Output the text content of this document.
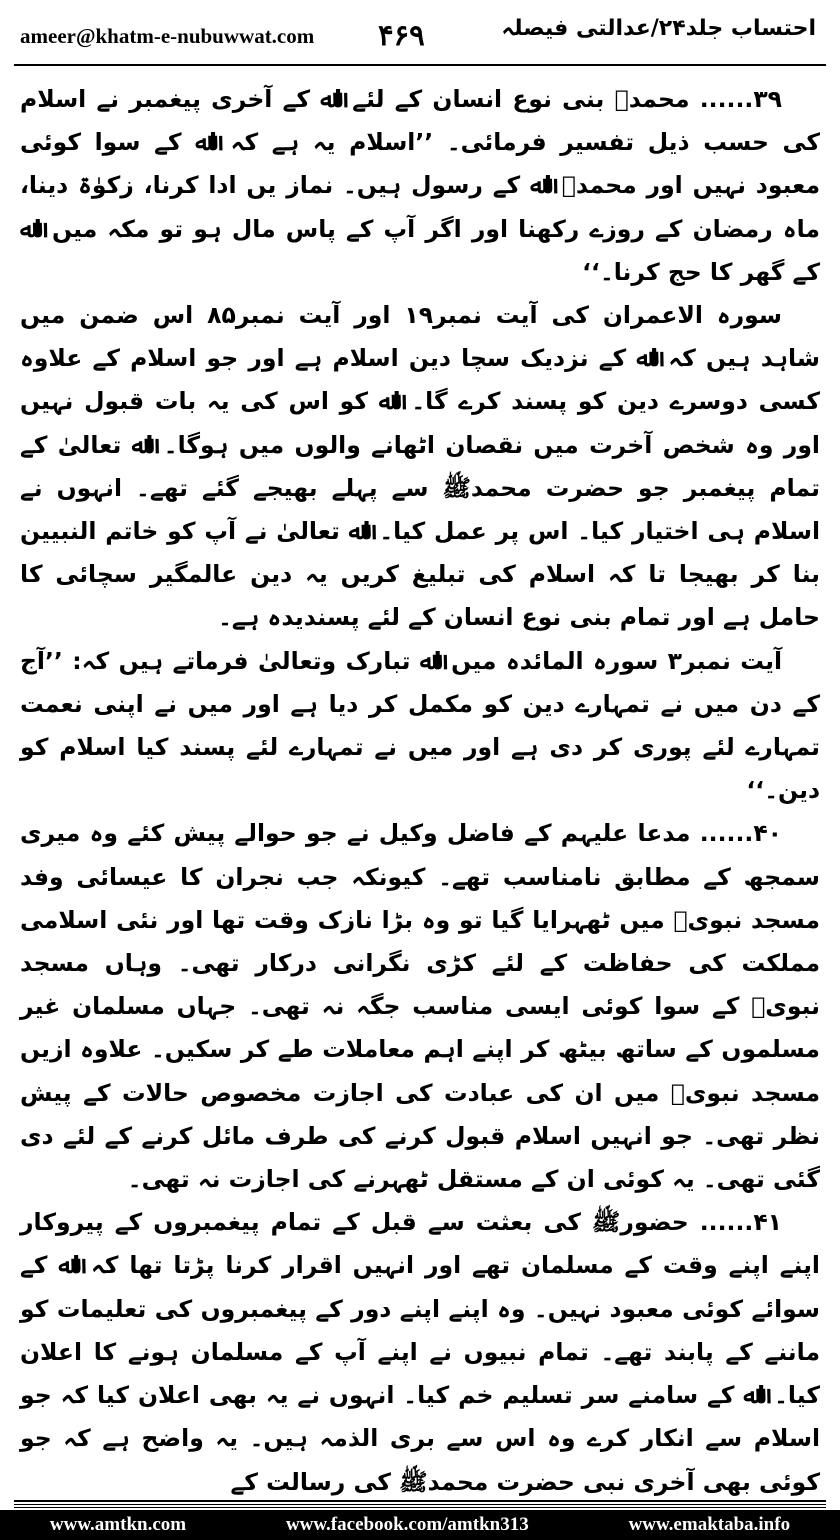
ameer@khatm-e-nubuwwat.com ۴۶۹	احتساب جلد۲۴/عدالتی فیصلہ

۳۹...... محمدﷺ بنی نوع انسان کے لئے اﷲ کے آخری پیغمبر نے اسلام کی حسب ذیل تفسیر فرمائی۔ ’’اسلام یہ ہے کہ اﷲ کے سوا کوئی معبود نہیں اور محمدؐ اﷲ کے رسول ہیں۔ نماز یں ادا کرنا، زکوٰۃ دینا، ماہ رمضان کے روزے رکھنا اور اگر آپ کے پاس مال ہو تو مکہ میں اﷲ کے گھر کا حج کرنا۔‘‘

سورہ الاعمران کی آیت نمبر۱۹ اور آیت نمبر۸۵ اس ضمن میں شاہد ہیں کہ اﷲ کے نزدیک سچا دین اسلام ہے اور جو اسلام کے علاوہ کسی دوسرے دین کو پسند کرے گا۔ اﷲ کو اس کی یہ بات قبول نہیں اور وہ شخص آخرت میں نقصان اٹھانے والوں میں ہوگا۔ اﷲ تعالیٰ کے تمام پیغمبر جو حضرت محمدﷺ سے پہلے بھیجے گئے تھے۔ انہوں نے اسلام ہی اختیار کیا۔ اس پر عمل کیا۔ اﷲ تعالیٰ نے آپ کو خاتم النبیین بنا کر بھیجا تا کہ اسلام کی تبلیغ کریں یہ دین عالمگیر سچائی کا حامل ہے اور تمام بنی نوع انسان کے لئے پسندیدہ ہے۔

آیت نمبر۳ سورہ المائدہ میں اﷲ تبارک وتعالیٰ فرماتے ہیں کہ: ’’آج کے دن میں نے تمہارے دین کو مکمل کر دیا ہے اور میں نے اپنی نعمت تمہارے لئے پوری کر دی ہے اور میں نے تمہارے لئے پسند کیا اسلام کو دین۔‘‘

۴۰...... مدعا علیہم کے فاضل وکیل نے جو حوالے پیش کئے وہ میری سمجھ کے مطابق نامناسب تھے۔ کیونکہ جب نجران کا عیسائی وفد مسجد نبویؐ میں ٹھہرایا گیا تو وہ بڑا نازک وقت تھا اور نئی اسلامی مملکت کی حفاظت کے لئے کڑی نگرانی درکار تھی۔ وہاں مسجد نبویؐ کے سوا کوئی ایسی مناسب جگہ نہ تھی۔ جہاں مسلمان غیر مسلموں کے ساتھ بیٹھ کر اپنے اہم معاملات طے کر سکیں۔ علاوہ ازیں مسجد نبویؐ میں ان کی عبادت کی اجازت مخصوص حالات کے پیش نظر تھی۔ جو انہیں اسلام قبول کرنے کی طرف مائل کرنے کے لئے دی گئی تھی۔ یہ کوئی ان کے مستقل ٹھہرنے کی اجازت نہ تھی۔

۴۱...... حضورﷺ کی بعثت سے قبل کے تمام پیغمبروں کے پیروکار اپنے اپنے وقت کے مسلمان تھے اور انہیں اقرار کرنا پڑتا تھا کہ اﷲ کے سوائے کوئی معبود نہیں۔ وہ اپنے اپنے دور کے پیغمبروں کی تعلیمات کو ماننے کے پابند تھے۔ تمام نبیوں نے اپنے آپ کے مسلمان ہونے کا اعلان کیا۔ اﷲ کے سامنے سر تسلیم خم کیا۔ انہوں نے یہ بھی اعلان کیا کہ جو اسلام سے انکار کرے وہ اس سے بری الذمہ ہیں۔ یہ واضح ہے کہ جو کوئی بھی آخری نبی حضرت محمدﷺ کی رسالت کے

www.amtkn.com	www.facebook.com/amtkn313	www.emaktaba.info
